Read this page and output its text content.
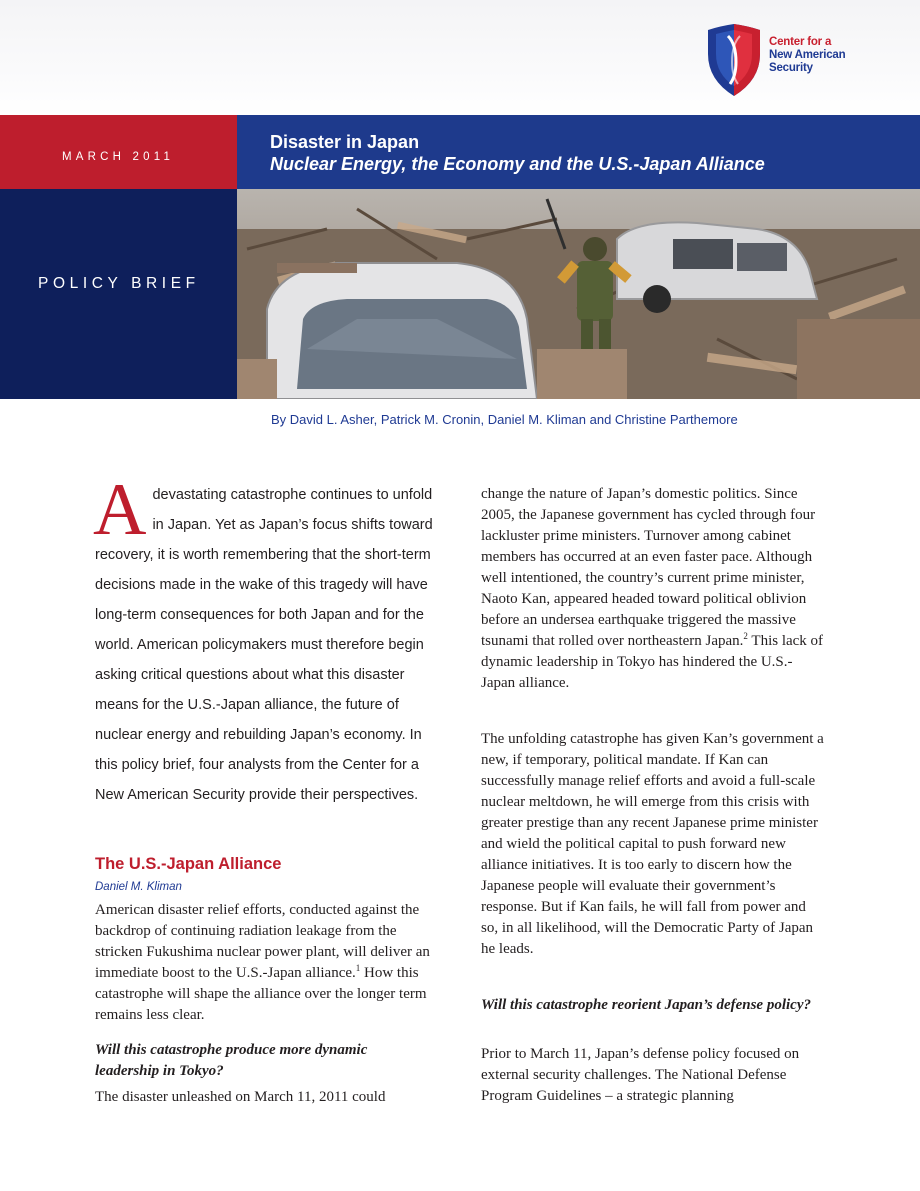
Center for a
New American
Security
MARCH 2011
Disaster in Japan
Nuclear Energy, the Economy and the U.S.-Japan Alliance
POLICY BRIEF
By David L. Asher, Patrick M. Cronin, Daniel M. Kliman and Christine Parthemore
Adevastating catastrophe continues to unfold in Japan. Yet as Japan’s focus shifts toward recovery, it is worth remembering that the short-term decisions made in the wake of this tragedy will have long-term consequences for both Japan and for the world. American policymakers must therefore begin asking critical questions about what this disaster means for the U.S.-Japan alliance, the future of nuclear energy and rebuilding Japan’s economy. In this policy brief, four analysts from the Center for a New American Security provide their perspectives.
The U.S.-Japan Alliance
Daniel M. Kliman

American disaster relief efforts, conducted against the backdrop of continuing radiation leakage from the stricken Fukushima nuclear power plant, will deliver an immediate boost to the U.S.-Japan alliance.$^1$ How this catastrophe will shape the alliance over the longer term remains less clear.

Will this catastrophe produce more dynamic leadership in Tokyo?

The disaster unleashed on March 11, 2011 could

change the nature of Japan’s domestic politics. Since 2005, the Japanese government has cycled through four lackluster prime ministers. Turnover among cabinet members has occurred at an even faster pace. Although well intentioned, the country’s current prime minister, Naoto Kan, appeared headed toward political oblivion before an undersea earthquake triggered the massive tsunami that rolled over northeastern Japan.$^2$ This lack of dynamic leadership in Tokyo has hindered the U.S.-Japan alliance.

The unfolding catastrophe has given Kan’s government a new, if temporary, political mandate. If Kan can successfully manage relief efforts and avoid a full-scale nuclear meltdown, he will emerge from this crisis with greater prestige than any recent Japanese prime minister and wield the political capital to push forward new alliance initiatives. It is too early to discern how the Japanese people will evaluate their government’s response. But if Kan fails, he will fall from power and so, in all likelihood, will the Democratic Party of Japan he leads.

Will this catastrophe reorient Japan’s defense policy?

Prior to March 11, Japan’s defense policy focused on external security challenges. The National Defense Program Guidelines – a strategic planning
